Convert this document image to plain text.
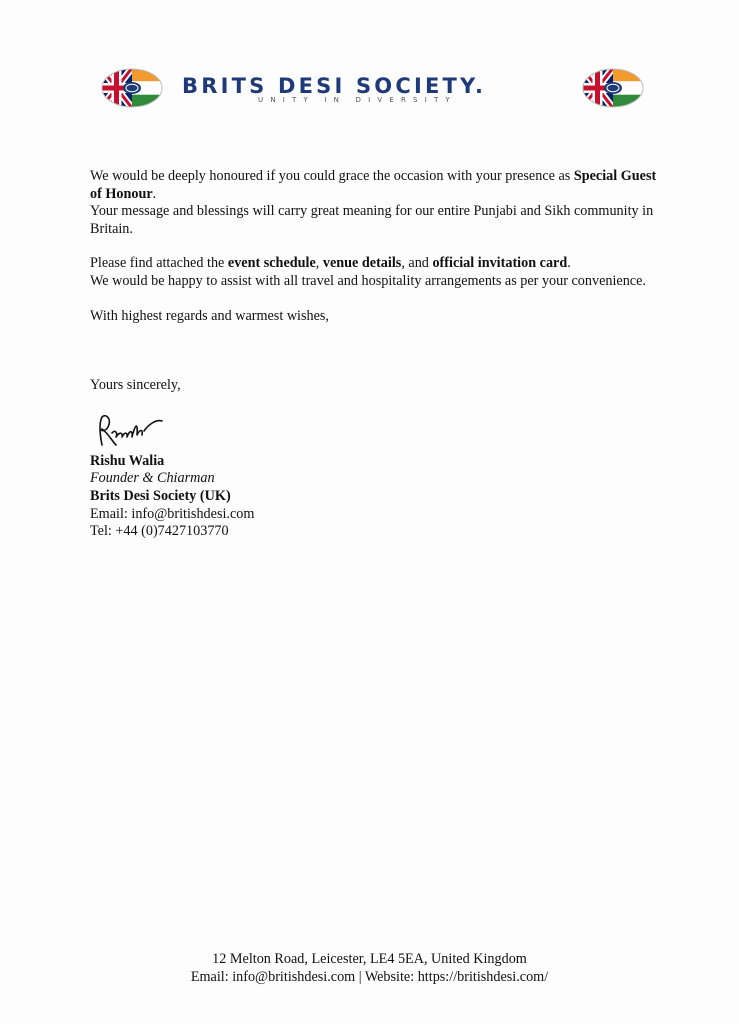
BRITS DESI SOCIETY.
UNITY IN DIVERSITY

We would be deeply honoured if you could grace the occasion with your presence as Special Guest of Honour.

Your message and blessings will carry great meaning for our entire Punjabi and Sikh community in Britain.

Please find attached the event schedule, venue details, and official invitation card.

We would be happy to assist with all travel and hospitality arrangements as per your convenience.

With highest regards and warmest wishes,

Yours sincerely,

Rishu Walia

Founder & Chiarman

Brits Desi Society (UK)

Email: info@britishdesi.com

Tel: +44 (0)7427103770

12 Melton Road, Leicester, LE4 5EA, United Kingdom
Email: info@britishdesi.com | Website: https://britishdesi.com/
